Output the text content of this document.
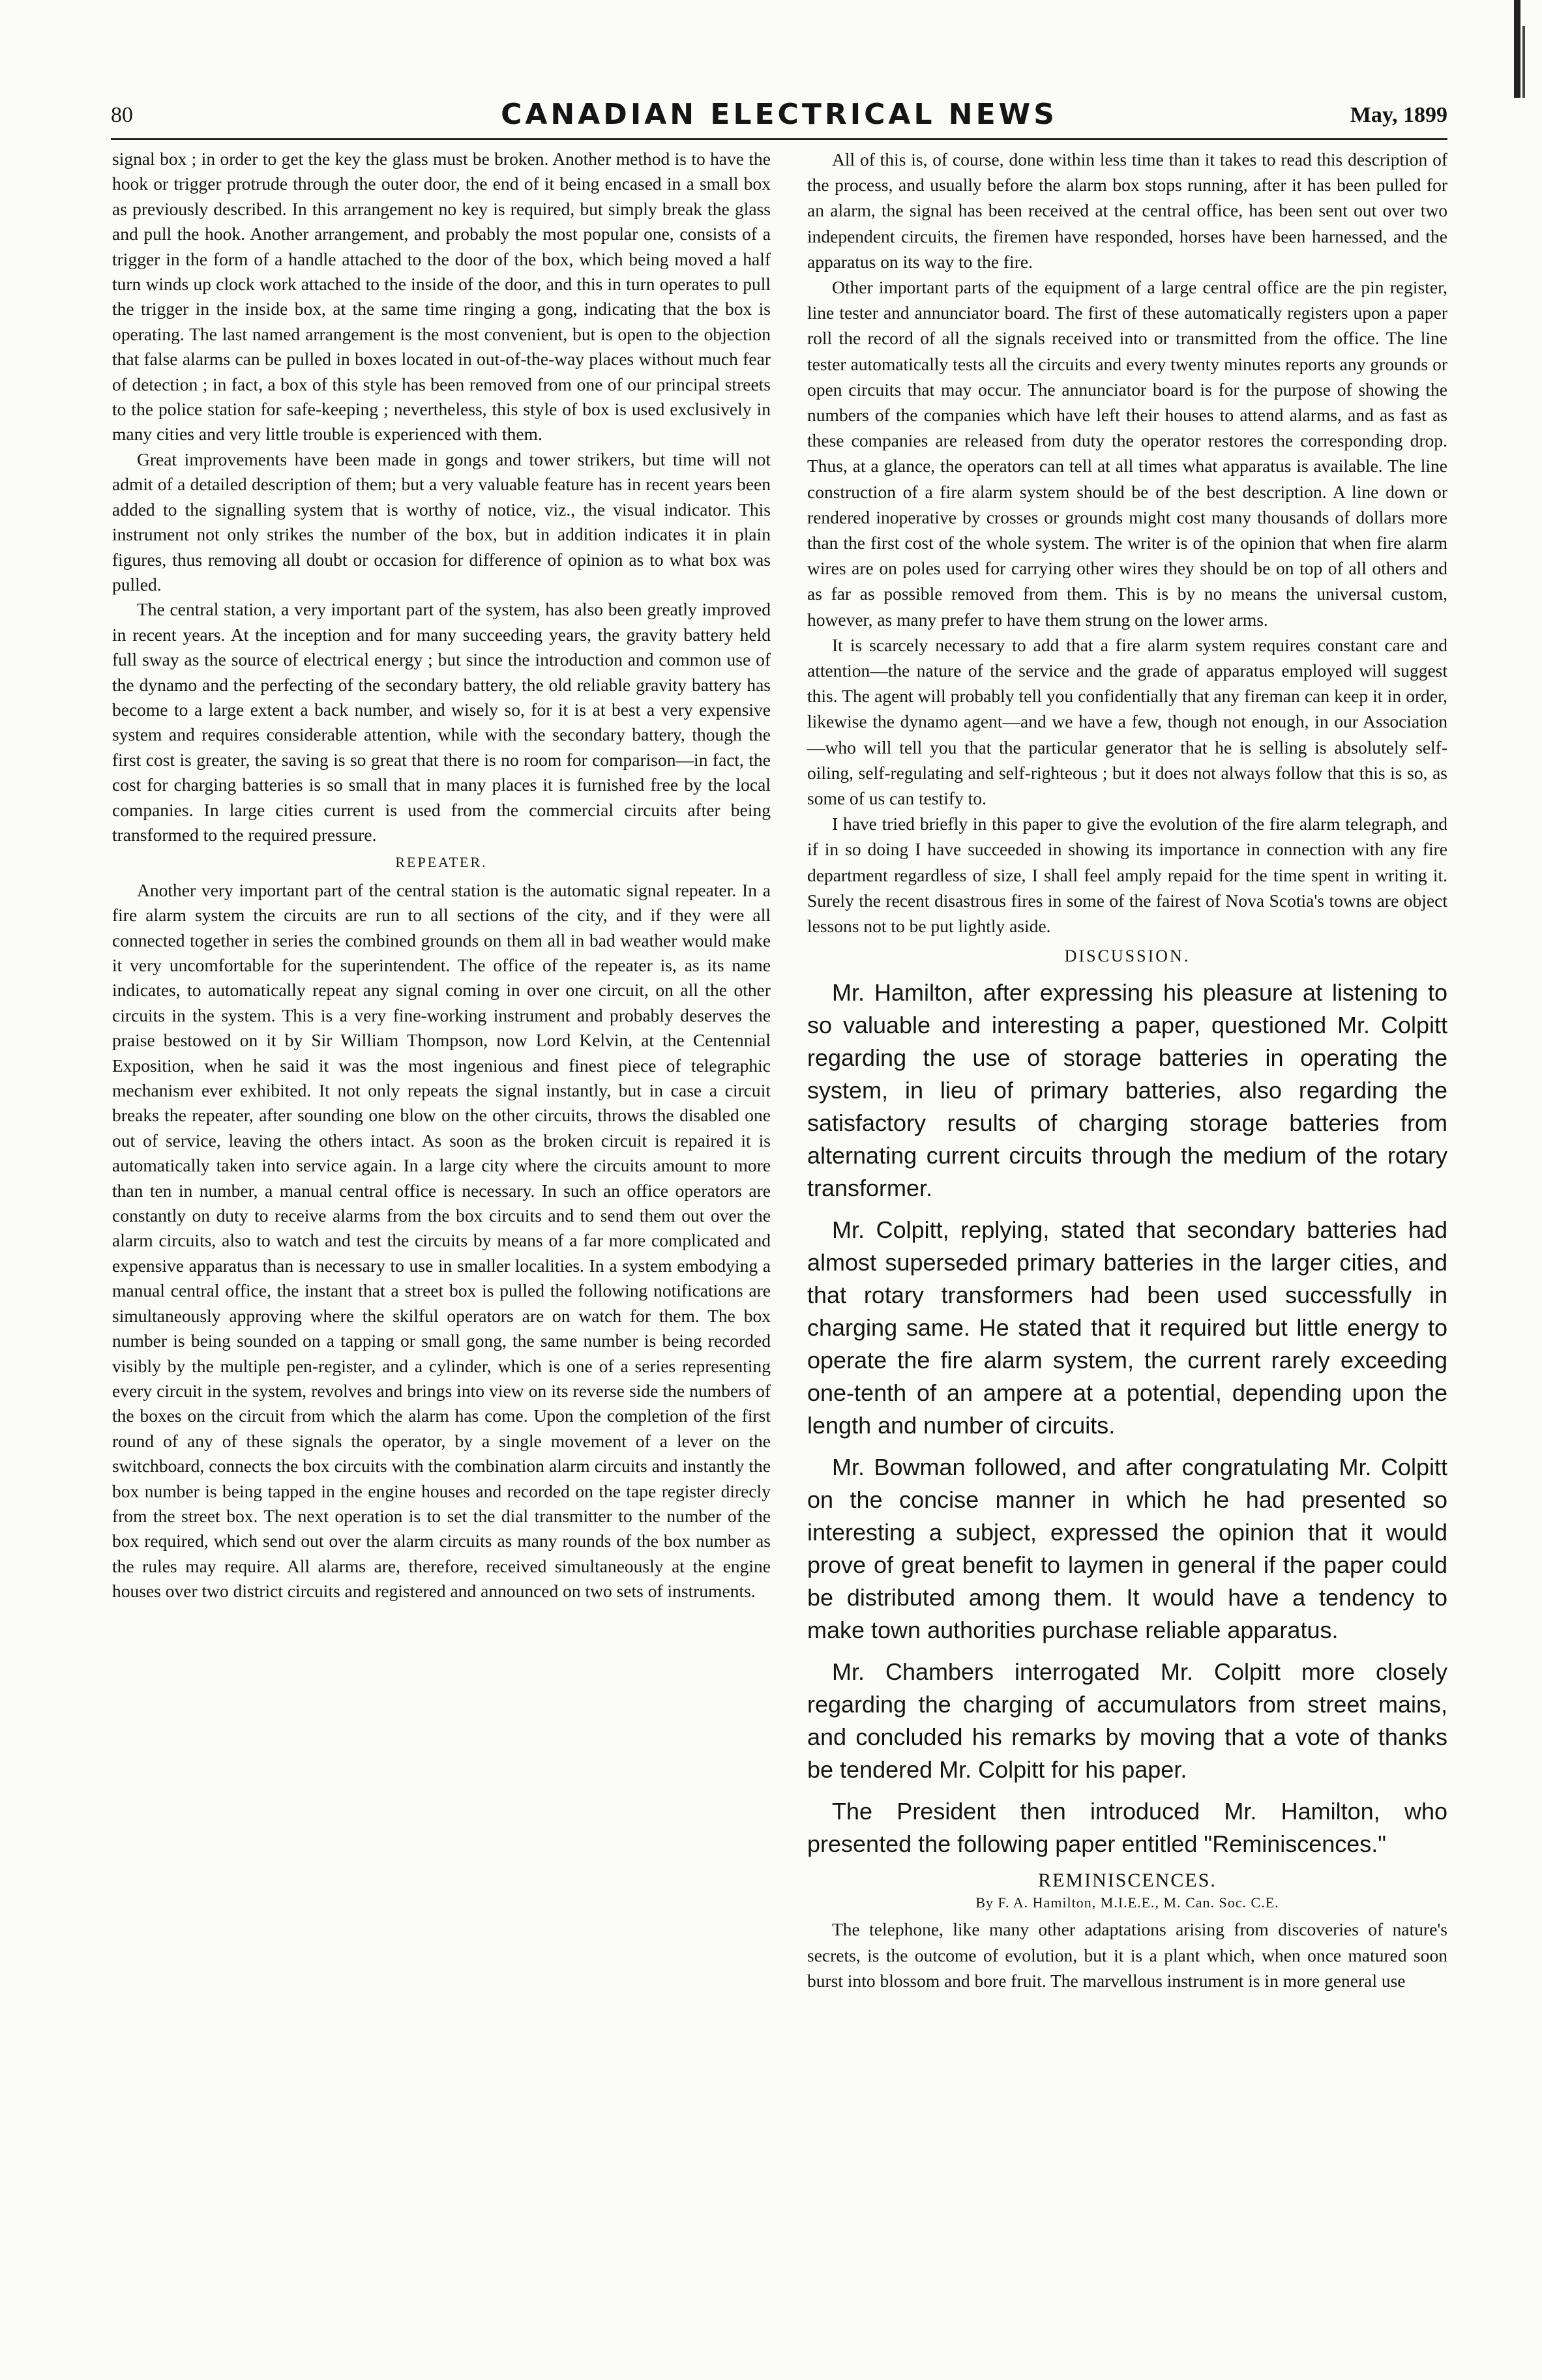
80	CANADIAN ELECTRICAL NEWS	May, 1899

signal box ; in order to get the key the glass must be broken. Another method is to have the hook or trigger protrude through the outer door, the end of it being encased in a small box as previously described. In this arrangement no key is required, but simply break the glass and pull the hook. Another arrangement, and probably the most popular one, consists of a trigger in the form of a handle attached to the door of the box, which being moved a half turn winds up clock work attached to the inside of the door, and this in turn operates to pull the trigger in the inside box, at the same time ringing a gong, indicating that the box is operating. The last named arrangement is the most convenient, but is open to the objection that false alarms can be pulled in boxes located in out-of-the-way places without much fear of detection ; in fact, a box of this style has been removed from one of our principal streets to the police station for safe-keeping ; nevertheless, this style of box is used exclusively in many cities and very little trouble is experienced with them.

Great improvements have been made in gongs and tower strikers, but time will not admit of a detailed description of them; but a very valuable feature has in recent years been added to the signalling system that is worthy of notice, viz., the visual indicator. This instrument not only strikes the number of the box, but in addition indicates it in plain figures, thus removing all doubt or occasion for difference of opinion as to what box was pulled.

The central station, a very important part of the system, has also been greatly improved in recent years. At the inception and for many succeeding years, the gravity battery held full sway as the source of electrical energy ; but since the introduction and common use of the dynamo and the perfecting of the secondary battery, the old reliable gravity battery has become to a large extent a back number, and wisely so, for it is at best a very expensive system and requires considerable attention, while with the secondary battery, though the first cost is greater, the saving is so great that there is no room for comparison—in fact, the cost for charging batteries is so small that in many places it is furnished free by the local companies. In large cities current is used from the commercial circuits after being transformed to the required pressure.

REPEATER.

Another very important part of the central station is the automatic signal repeater. In a fire alarm system the circuits are run to all sections of the city, and if they were all connected together in series the combined grounds on them all in bad weather would make it very uncomfortable for the superintendent. The office of the repeater is, as its name indicates, to automatically repeat any signal coming in over one circuit, on all the other circuits in the system. This is a very fine-working instrument and probably deserves the praise bestowed on it by Sir William Thompson, now Lord Kelvin, at the Centennial Exposition, when he said it was the most ingenious and finest piece of telegraphic mechanism ever exhibited. It not only repeats the signal instantly, but in case a circuit breaks the repeater, after sounding one blow on the other circuits, throws the disabled one out of service, leaving the others intact. As soon as the broken circuit is repaired it is automatically taken into service again. In a large city where the circuits amount to more than ten in number, a manual central office is necessary. In such an office operators are constantly on duty to receive alarms from the box circuits and to send them out over the alarm circuits, also to watch and test the circuits by means of a far more complicated and expensive apparatus than is necessary to use in smaller localities. In a system embodying a manual central office, the instant that a street box is pulled the following notifications are simultaneously approving where the skilful operators are on watch for them. The box number is being sounded on a tapping or small gong, the same number is being recorded visibly by the multiple pen-register, and a cylinder, which is one of a series representing every circuit in the system, revolves and brings into view on its reverse side the numbers of the boxes on the circuit from which the alarm has come. Upon the completion of the first round of any of these signals the operator, by a single movement of a lever on the switchboard, connects the box circuits with the combination alarm circuits and instantly the box number is being tapped in the engine houses and recorded on the tape register direcly from the street box. The next operation is to set the dial transmitter to the number of the box required, which send out over the alarm circuits as many rounds of the box number as the rules may require. All alarms are, therefore, received simultaneously at the engine houses over two district circuits and registered and announced on two sets of instruments.

All of this is, of course, done within less time than it takes to read this description of the process, and usually before the alarm box stops running, after it has been pulled for an alarm, the signal has been received at the central office, has been sent out over two independent circuits, the firemen have responded, horses have been harnessed, and the apparatus on its way to the fire.

Other important parts of the equipment of a large central office are the pin register, line tester and annunciator board. The first of these automatically registers upon a paper roll the record of all the signals received into or transmitted from the office. The line tester automatically tests all the circuits and every twenty minutes reports any grounds or open circuits that may occur. The annunciator board is for the purpose of showing the numbers of the companies which have left their houses to attend alarms, and as fast as these companies are released from duty the operator restores the corresponding drop. Thus, at a glance, the operators can tell at all times what apparatus is available. The line construction of a fire alarm system should be of the best description. A line down or rendered inoperative by crosses or grounds might cost many thousands of dollars more than the first cost of the whole system. The writer is of the opinion that when fire alarm wires are on poles used for carrying other wires they should be on top of all others and as far as possible removed from them. This is by no means the universal custom, however, as many prefer to have them strung on the lower arms.

It is scarcely necessary to add that a fire alarm system requires constant care and attention—the nature of the service and the grade of apparatus employed will suggest this. The agent will probably tell you confidentially that any fireman can keep it in order, likewise the dynamo agent—and we have a few, though not enough, in our Association—who will tell you that the particular generator that he is selling is absolutely self-oiling, self-regulating and self-righteous ; but it does not always follow that this is so, as some of us can testify to.

I have tried briefly in this paper to give the evolution of the fire alarm telegraph, and if in so doing I have succeeded in showing its importance in connection with any fire department regardless of size, I shall feel amply repaid for the time spent in writing it. Surely the recent disastrous fires in some of the fairest of Nova Scotia's towns are object lessons not to be put lightly aside.

DISCUSSION.

Mr. Hamilton, after expressing his pleasure at listening to so valuable and interesting a paper, questioned Mr. Colpitt regarding the use of storage batteries in operating the system, in lieu of primary batteries, also regarding the satisfactory results of charging storage batteries from alternating current circuits through the medium of the rotary transformer.

Mr. Colpitt, replying, stated that secondary batteries had almost superseded primary batteries in the larger cities, and that rotary transformers had been used successfully in charging same. He stated that it required but little energy to operate the fire alarm system, the current rarely exceeding one-tenth of an ampere at a potential, depending upon the length and number of circuits.

Mr. Bowman followed, and after congratulating Mr. Colpitt on the concise manner in which he had presented so interesting a subject, expressed the opinion that it would prove of great benefit to laymen in general if the paper could be distributed among them. It would have a tendency to make town authorities purchase reliable apparatus.

Mr. Chambers interrogated Mr. Colpitt more closely regarding the charging of accumulators from street mains, and concluded his remarks by moving that a vote of thanks be tendered Mr. Colpitt for his paper.

The President then introduced Mr. Hamilton, who presented the following paper entitled "Reminiscences."

REMINISCENCES.
By F. A. Hamilton, M.I.E.E., M. Can. Soc. C.E.

The telephone, like many other adaptations arising from discoveries of nature's secrets, is the outcome of evolution, but it is a plant which, when once matured soon burst into blossom and bore fruit. The marvellous instrument is in more general use
